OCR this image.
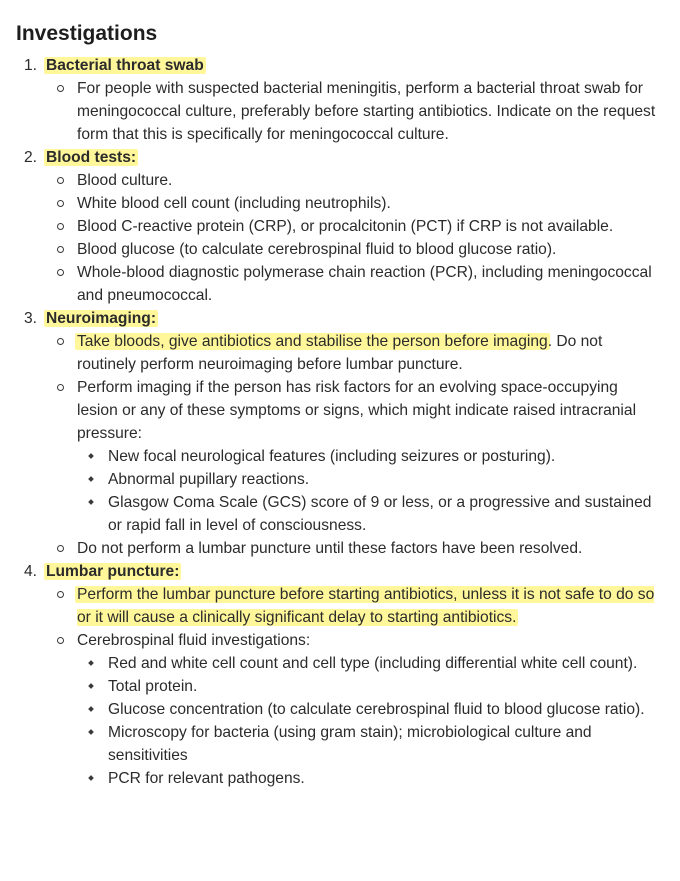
Investigations
1. Bacterial throat swab
For people with suspected bacterial meningitis, perform a bacterial throat swab for meningococcal culture, preferably before starting antibiotics. Indicate on the request form that this is specifically for meningococcal culture.
2. Blood tests:
Blood culture.
White blood cell count (including neutrophils).
Blood C-reactive protein (CRP), or procalcitonin (PCT) if CRP is not available.
Blood glucose (to calculate cerebrospinal fluid to blood glucose ratio).
Whole-blood diagnostic polymerase chain reaction (PCR), including meningococcal and pneumococcal.
3. Neuroimaging:
Take bloods, give antibiotics and stabilise the person before imaging. Do not routinely perform neuroimaging before lumbar puncture.
Perform imaging if the person has risk factors for an evolving space-occupying lesion or any of these symptoms or signs, which might indicate raised intracranial pressure:
New focal neurological features (including seizures or posturing).
Abnormal pupillary reactions.
Glasgow Coma Scale (GCS) score of 9 or less, or a progressive and sustained or rapid fall in level of consciousness.
Do not perform a lumbar puncture until these factors have been resolved.
4. Lumbar puncture:
Perform the lumbar puncture before starting antibiotics, unless it is not safe to do so or it will cause a clinically significant delay to starting antibiotics.
Cerebrospinal fluid investigations:
Red and white cell count and cell type (including differential white cell count).
Total protein.
Glucose concentration (to calculate cerebrospinal fluid to blood glucose ratio).
Microscopy for bacteria (using gram stain); microbiological culture and sensitivities
PCR for relevant pathogens.
